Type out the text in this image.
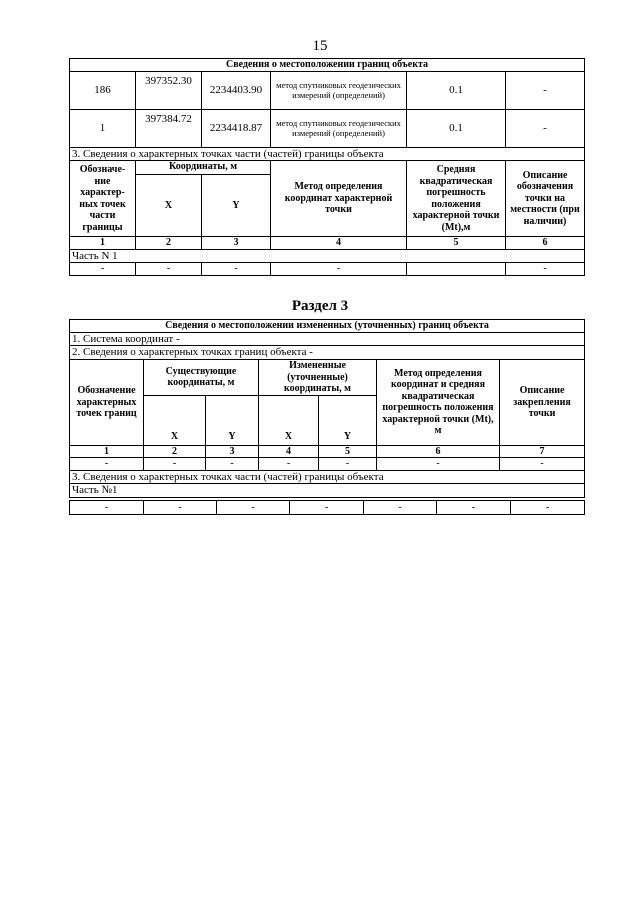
15
Сведения о местоположении границ объекта					
186	397352.30	2234403.90	метод спутниковых геодезических измерений (определений)	0.1	-
1	397384.72	2234418.87	метод спутниковых геодезических измерений (определений)	0.1	-
3. Сведения о характерных точках части (частей) границы объекта					
Обозначе-ние характер-ных точек части границы	Координаты, м		Метод определения координат характерной точки	Средняя квадратическая погрешность положения характерной точки (Mt),м	Описание обозначения точки на местности (при наличии)
	X	Y			
1	2	3	4	5	6
Часть N 1					
-	-	-	-		-
Раздел 3
Сведения о местоположении измененных (уточненных) границ объекта						
1. Система координат -						
2. Сведения о характерных точках границ объекта -						
Обозначение характерных точек границ	Существующие координаты, м		Измененные (уточненные) координаты, м		Метод определения координат и средняя квадратическая погрешность положения характерной точки (Mt), м	Описание закрепления точки
	X	Y	X	Y		
1	2	3	4	5	6	7
-	-	-	-	-	-	-
3. Сведения о характерных точках части (частей) границы объекта						
Часть №1						
-	-	-	-	-	-	-
